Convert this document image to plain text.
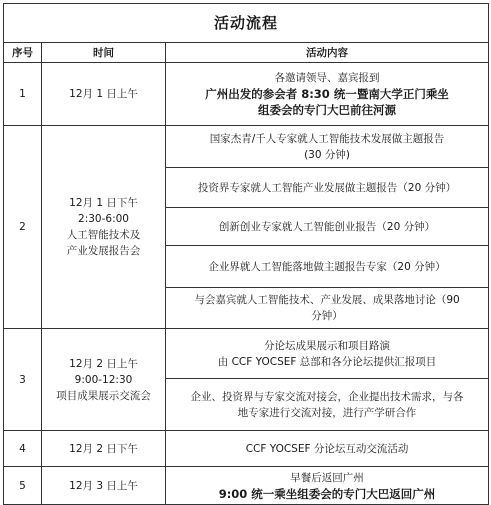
活动流程		
序号	时间	活动内容
1	12月 1 日上午	各邀请领导、嘉宾报到
广州出发的参会者 8:30 统一暨南大学正门乘坐
组委会的专门大巴前往河源

2	12月 1 日下午
2:30-6:00
人工智能技术及
产业发展报告会	国家杰青/千人专家就人工智能技术发展做主题报告
(30 分钟)

		投资界专家就人工智能产业发展做主题报告（20 分钟）
		创新创业专家就人工智能创业报告（20 分钟）
		企业界就人工智能落地做主题报告专家（20 分钟）

		与会嘉宾就人工智能技术、产业发展、成果落地讨论（90
分钟）

3	12月 2 日上午
9:00-12:30
项目成果展示交流会	分论坛成果展示和项目路演
由 CCF YOCSEF 总部和各分论坛提供汇报项目

		企业、投资界与专家交流对接会，企业提出技术需求，与各
地专家进行交流对接，进行产学研合作

4	12月 2 日下午	CCF YOCSEF 分论坛互动交流活动
5	12月 3 日上午	早餐后返回广州
9:00 统一乘坐组委会的专门大巴返回广州
